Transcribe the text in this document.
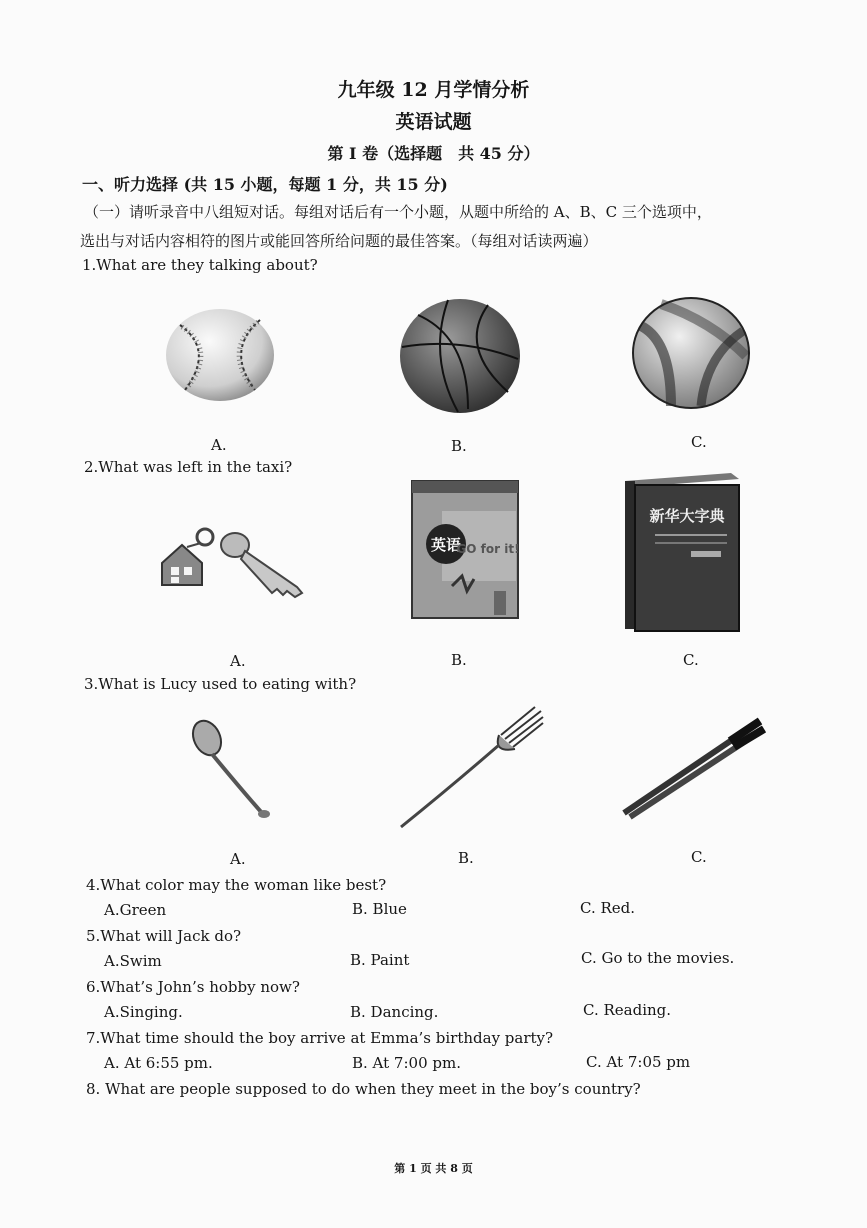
九年级 12 月学情分析
英语试题
第 I 卷（选择题　共 45 分）
一、听力选择 (共 15 小题，每题 1 分，共 15 分)
（一）请听录音中八组短对话。每组对话后有一个小题，从题中所给的 A、B、C 三个选项中，
选出与对话内容相符的图片或能回答所给问题的最佳答案。（每组对话读两遍）
1.What are they talking about?
A.	B.	C.
2.What was left in the taxi?
英语
GO for it!
新华大字典
A.	B.	C.
3.What is Lucy used to eating with?
A.	B.	C.
4.What color may the woman like best?
A.Green	B. Blue	C. Red.
5.What will Jack do?
A.Swim	B. Paint	C. Go to the movies.
6.What’s John’s hobby now?
A.Singing.	B. Dancing.	C. Reading.
7.What time should the boy arrive at Emma’s birthday party?
A. At 6:55 pm.	B. At 7:00 pm.	C. At 7:05 pm
8. What are people supposed to do when they meet in the boy’s country?
第 1 页 共 8 页
